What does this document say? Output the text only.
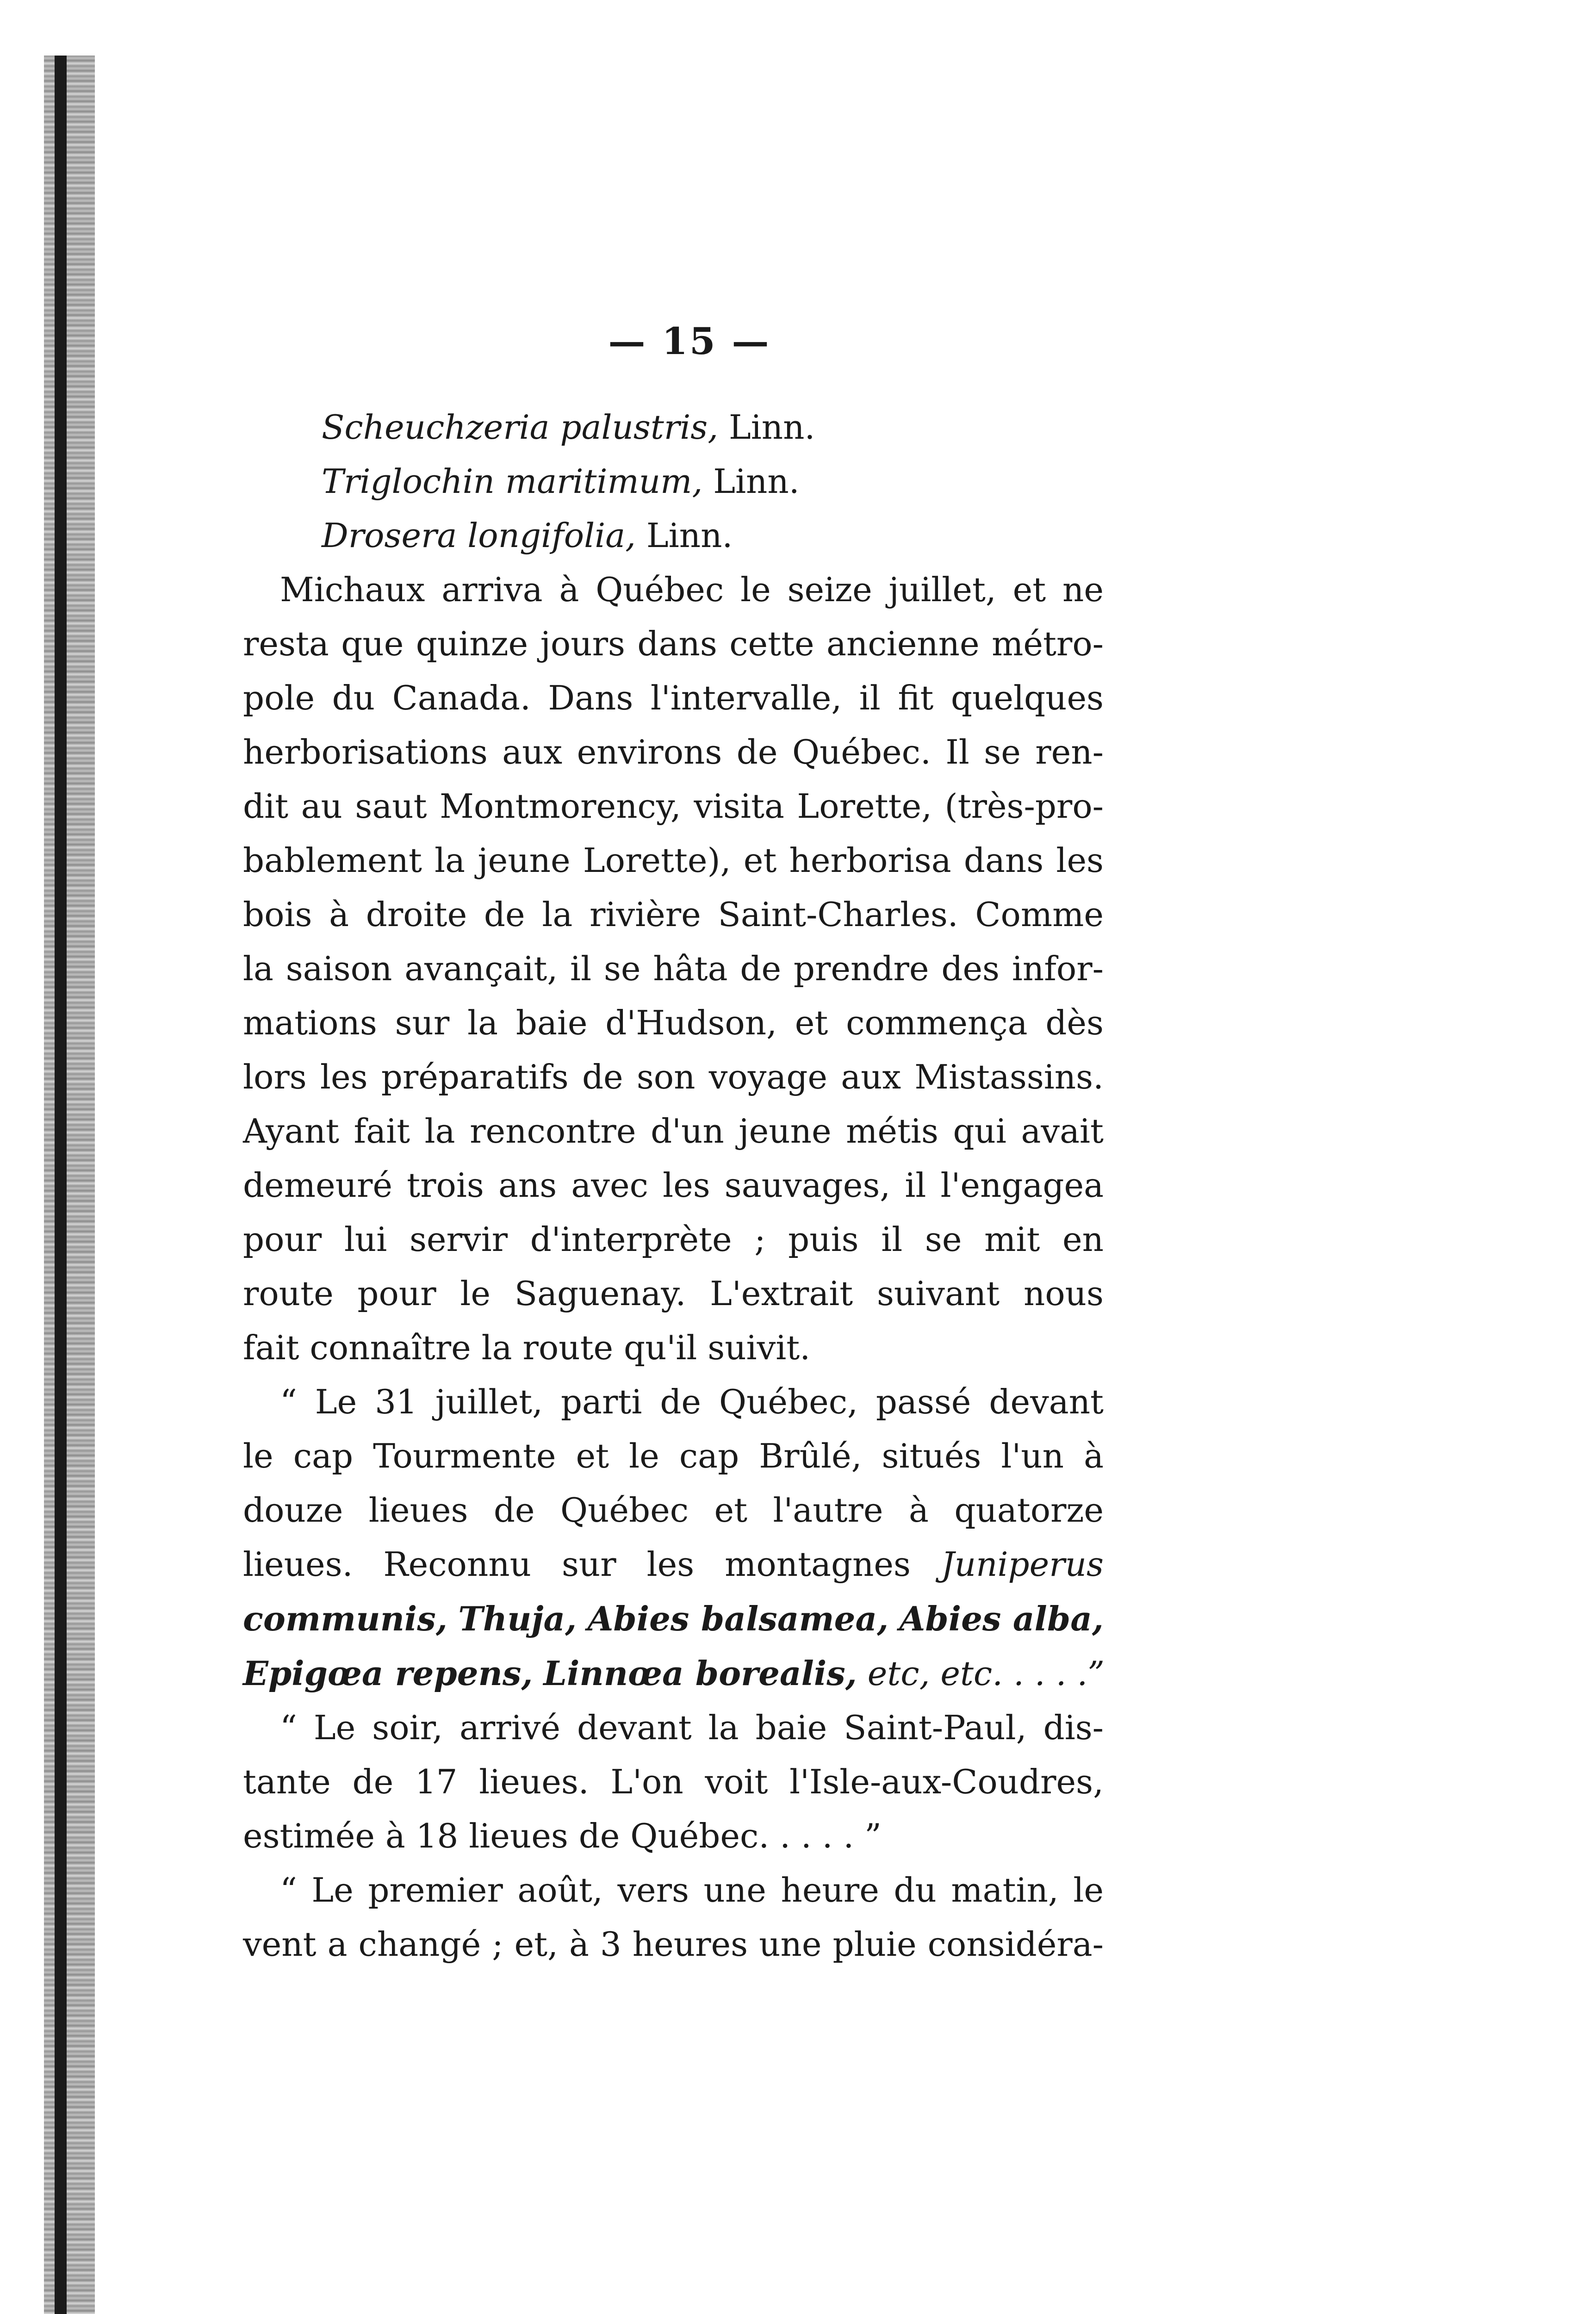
— 15 —
Scheuchzeria palustris, Linn.
Triglochin maritimum, Linn.
Drosera longifolia, Linn.
Michaux arriva à Québec le seize juillet, et ne
resta que quinze jours dans cette ancienne métro-
pole du Canada. Dans l'intervalle, il fit quelques
herborisations aux environs de Québec. Il se ren-
dit au saut Montmorency, visita Lorette, (très-pro-
bablement la jeune Lorette), et herborisa dans les
bois à droite de la rivière Saint-Charles. Comme
la saison avançait, il se hâta de prendre des infor-
mations sur la baie d'Hudson, et commença dès
lors les préparatifs de son voyage aux Mistassins.
Ayant fait la rencontre d'un jeune métis qui avait
demeuré trois ans avec les sauvages, il l'engagea
pour lui servir d'interprète ; puis il se mit en
route pour le Saguenay. L'extrait suivant nous
fait connaître la route qu'il suivit.
“ Le 31 juillet, parti de Québec, passé devant
le cap Tourmente et le cap Brûlé, situés l'un à
douze lieues de Québec et l'autre à quatorze
lieues. Reconnu sur les montagnes Juniperus
communis, Thuja, Abies balsamea, Abies alba,
Epigœa repens, Linnœa borealis, etc, etc. . . . .”
“ Le soir, arrivé devant la baie Saint-Paul, dis-
tante de 17 lieues. L'on voit l'Isle-aux-Coudres,
estimée à 18 lieues de Québec. . . . . ”
“ Le premier août, vers une heure du matin, le
vent a changé ; et, à 3 heures une pluie considéra-
